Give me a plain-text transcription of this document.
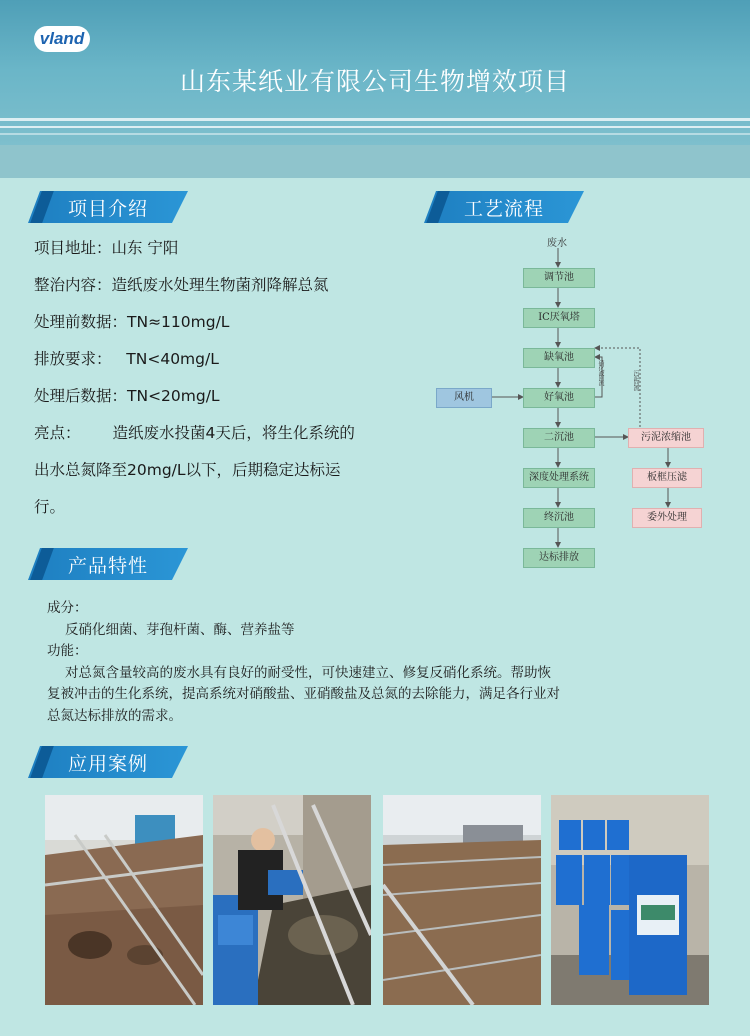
vland
山东某纸业有限公司生物增效项目
项目介绍
项目地址：山东 宁阳
整治内容：造纸废水处理生物菌剂降解总氮
处理前数据：TN≈110mg/L
排放要求：   TN<40mg/L
处理后数据：TN<20mg/L
亮点： 造纸废水投菌4天后，将生化系统的
出水总氮降至20mg/L以下，后期稳定达标运
行。
工艺流程
废水
调节池
IC厌氧塔
缺氧池
好氧池
二沉池
深度处理系统
终沉池
达标排放
风机
污泥浓缩池
板框压滤
委外处理
硝化液回流	污泥回流
产品特性
成分：
反硝化细菌、芽孢杆菌、酶、营养盐等
功能：
对总氮含量较高的废水具有良好的耐受性，可快速建立、修复反硝化系统。帮助恢
复被冲击的生化系统，提高系统对硝酸盐、亚硝酸盐及总氮的去除能力，满足各行业对
总氮达标排放的需求。
应用案例
